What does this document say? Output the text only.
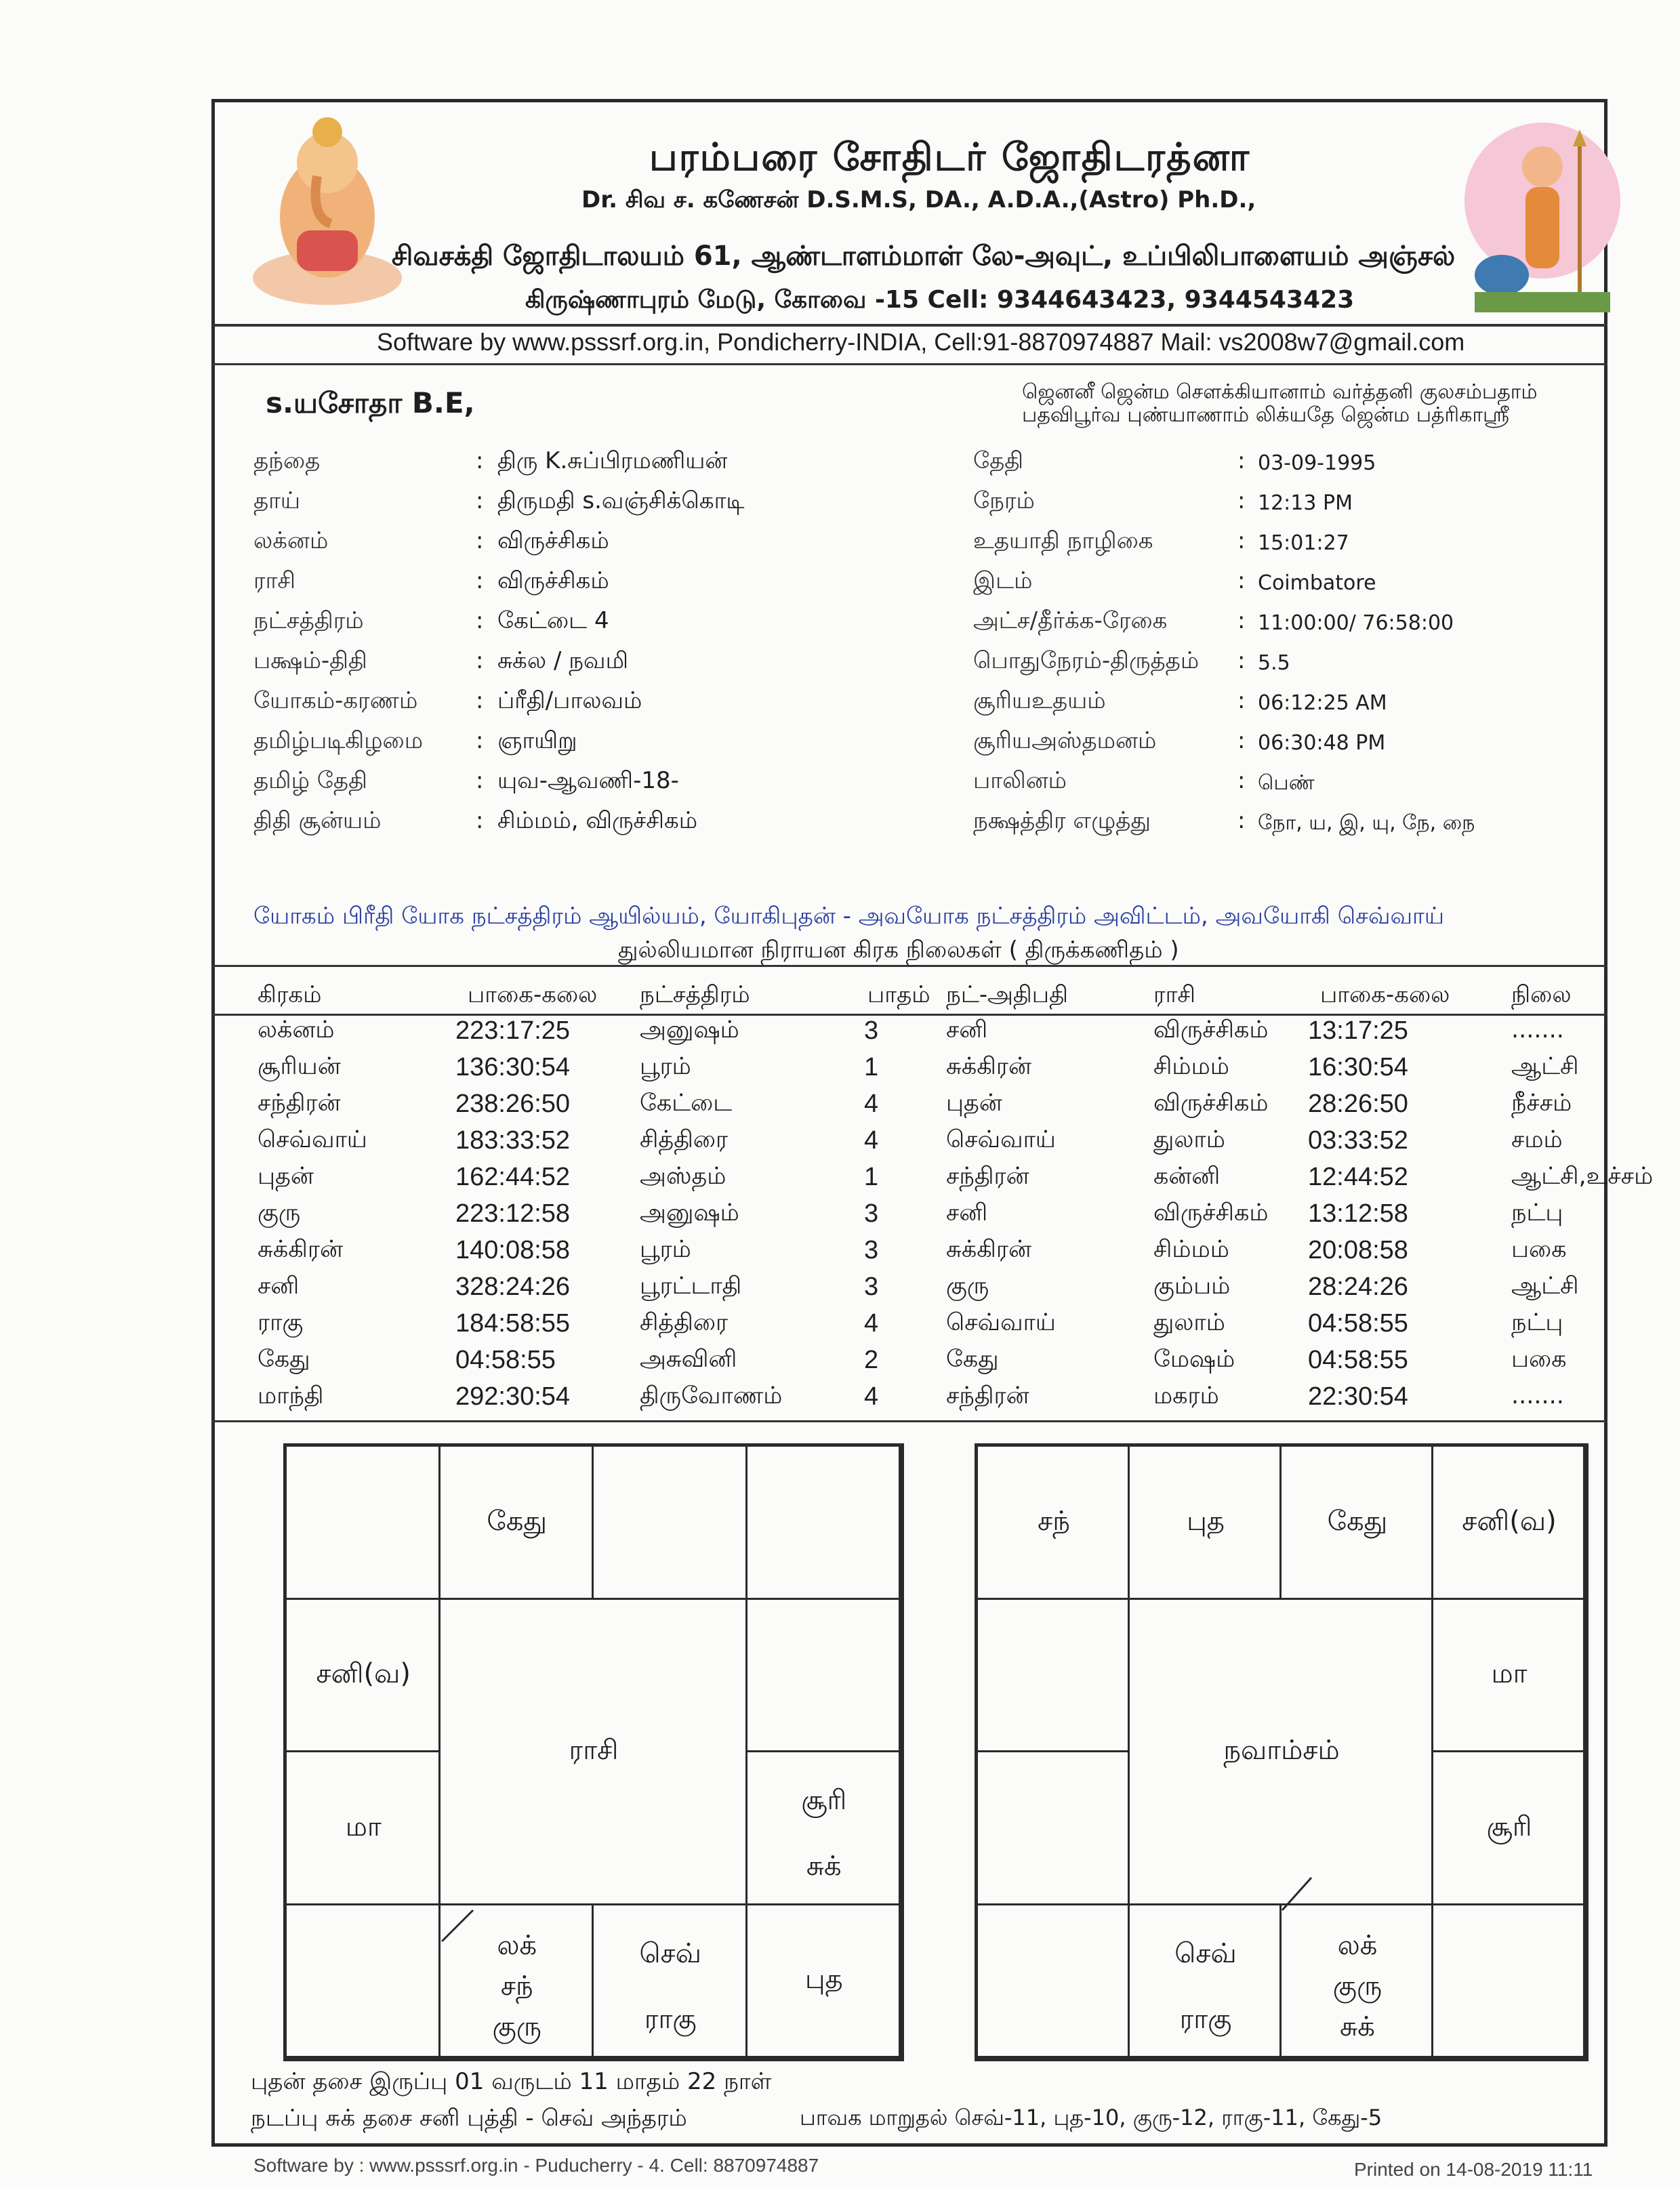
பரம்பரை சோதிடர் ஜோதிடரத்னா
Dr. சிவ ச. கணேசன் D.S.M.S, DA., A.D.A.,(Astro) Ph.D.,
சிவசக்தி ஜோதிடாலயம் 61, ஆண்டாளம்மாள் லே-அவுட், உப்பிலிபாளையம் அஞ்சல்
கிருஷ்ணாபுரம் மேடு, கோவை -15 Cell: 9344643423, 9344543423
Software by www.psssrf.org.in, Pondicherry-INDIA, Cell:91-8870974887 Mail: vs2008w7@gmail.com
s.யசோதா B.E,	ஜெனனீ ஜென்ம சௌக்கியானாம் வர்த்தனி குலசம்பதாம்
பதவிபூர்வ புண்யாணாம் லிக்யதே ஜென்ம பத்ரிகாஸ்ரீ
தந்தை	: திரு K.சுப்பிரமணியன்
தாய்	: திருமதி s.வஞ்சிக்கொடி
லக்னம்	: விருச்சிகம்
ராசி	: விருச்சிகம்
நட்சத்திரம்	: கேட்டை 4
பக்ஷம்-திதி	: சுக்ல / நவமி
யோகம்-கரணம்	: ப்ரீதி/பாலவம்
தமிழ்படிகிழமை : ஞாயிறு
தமிழ் தேதி	: யுவ-ஆவணி-18-
திதி சூன்யம்	: சிம்மம், விருச்சிகம்
தேதி	: 03-09-1995
நேரம்	: 12:13 PM
உதயாதி நாழிகை	: 15:01:27
இடம்	: Coimbatore
அட்ச/தீர்க்க-ரேகை	: 11:00:00/ 76:58:00
பொதுநேரம்-திருத்தம் : 5.5
சூரியஉதயம்	: 06:12:25 AM
சூரியஅஸ்தமனம்	: 06:30:48 PM
பாலினம்	: பெண்
நக்ஷத்திர எழுத்து	: நோ, ய, இ, யு, நே, நை
யோகம் பிரீதி யோக நட்சத்திரம் ஆயில்யம், யோகிபுதன் - அவயோக நட்சத்திரம் அவிட்டம், அவயோகி செவ்வாய்
துல்லியமான நிராயன கிரக நிலைகள் ( திருக்கணிதம் )
கிரகம்	பாகை-கலை நட்சத்திரம்	பாதம் நட்-அதிபதி	ராசி	பாகை-கலை	நிலை
லக்னம்	223:17:25	அனுஷம்	3	சனி	விருச்சிகம் 13:17:25	.......
சூரியன்	136:30:54	பூரம்	1	சுக்கிரன்	சிம்மம்	16:30:54	ஆட்சி
சந்திரன்	238:26:50	கேட்டை	4	புதன்	விருச்சிகம் 28:26:50	நீச்சம்
செவ்வாய்	183:33:52	சித்திரை	4	செவ்வாய்	துலாம்	03:33:52	சமம்
புதன்	162:44:52	அஸ்தம்	1	சந்திரன்	கன்னி	12:44:52	ஆட்சி,உச்சம்
குரு	223:12:58	அனுஷம்	3	சனி	விருச்சிகம் 13:12:58	நட்பு
சுக்கிரன்	140:08:58	பூரம்	3	சுக்கிரன்	சிம்மம்	20:08:58	பகை
சனி	328:24:26	பூரட்டாதி	3	குரு	கும்பம்	28:24:26	ஆட்சி
ராகு	184:58:55	சித்திரை	4	செவ்வாய்	துலாம்	04:58:55	நட்பு
கேது	04:58:55	அசுவினி	2	கேது	மேஷம்	04:58:55	பகை
மாந்தி	292:30:54	திருவோணம்	4	சந்திரன்	மகரம்	22:30:54	.......
கேது
சனி(வ)
மா
சூரி
சுக்
லக்
சந்
குரு
செவ்
ராகு
புத
ராசி
சந்	புத	கேது	சனி(வ)
மா
சூரி
செவ்
ராகு
லக்
குரு
சுக்
நவாம்சம்
புதன் தசை இருப்பு 01 வருடம் 11 மாதம் 22 நாள்
நடப்பு சுக் தசை சனி புத்தி - செவ் அந்தரம்	பாவக மாறுதல் செவ்-11, புத-10, குரு-12, ராகு-11, கேது-5
Software by : www.psssrf.org.in - Puducherry - 4. Cell: 8870974887	Printed on 14-08-2019 11:11
